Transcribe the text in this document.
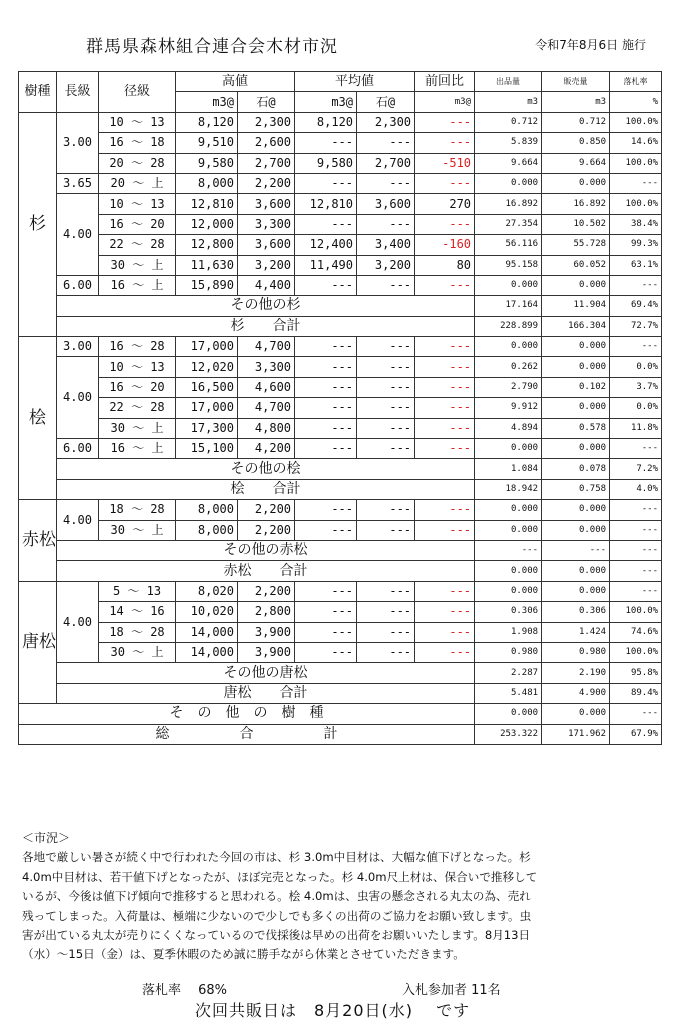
群馬県森林組合連合会木材市況	令和7年8月6日 施行
樹種	長級	径級	高値		平均値		前回比	出品量	販売量	落札率
			m3@	石@	m3@	石@	m3@	m3	m3	%
杉	3.00	10 ～ 13	8,120	2,300	8,120	2,300	---	0.712	0.712	100.0%
		16 ～ 18	9,510	2,600	---	---	---	5.839	0.850	14.6%
		20 ～ 28	9,580	2,700	9,580	2,700	-510	9.664	9.664	100.0%
	3.65	20 ～ 上	8,000	2,200	---	---	---	0.000	0.000	---
	4.00	10 ～ 13	12,810	3,600	12,810	3,600	270	16.892	16.892	100.0%
		16 ～ 20	12,000	3,300	---	---	---	27.354	10.502	38.4%
		22 ～ 28	12,800	3,600	12,400	3,400	-160	56.116	55.728	99.3%
		30 ～ 上	11,630	3,200	11,490	3,200	80	95.158	60.052	63.1%
	6.00	16 ～ 上	15,890	4,400	---	---	---	0.000	0.000	---
	その他の杉							17.164	11.904	69.4%
	杉　　合計							228.899	166.304	72.7%
桧	3.00	16 ～ 28	17,000	4,700	---	---	---	0.000	0.000	---
	4.00	10 ～ 13	12,020	3,300	---	---	---	0.262	0.000	0.0%
		16 ～ 20	16,500	4,600	---	---	---	2.790	0.102	3.7%
		22 ～ 28	17,000	4,700	---	---	---	9.912	0.000	0.0%
		30 ～ 上	17,300	4,800	---	---	---	4.894	0.578	11.8%
	6.00	16 ～ 上	15,100	4,200	---	---	---	0.000	0.000	---
	その他の桧							1.084	0.078	7.2%
	桧　　合計							18.942	0.758	4.0%
赤松	4.00	18 ～ 28	8,000	2,200	---	---	---	0.000	0.000	---
		30 ～ 上	8,000	2,200	---	---	---	0.000	0.000	---
	その他の赤松							---	---	---
	赤松　　合計							0.000	0.000	---
唐松	4.00	5 ～ 13	8,020	2,200	---	---	---	0.000	0.000	---
		14 ～ 16	10,020	2,800	---	---	---	0.306	0.306	100.0%
		18 ～ 28	14,000	3,900	---	---	---	1.908	1.424	74.6%
		30 ～ 上	14,000	3,900	---	---	---	0.980	0.980	100.0%
	その他の唐松							2.287	2.190	95.8%
	唐松　　合計							5.481	4.900	89.4%
そ　の　他　の　樹　種								0.000	0.000	---
総　　　　　合　　　　　計								253.322	171.962	67.9%
＜市況＞
各地で厳しい暑さが続く中で行われた今回の市は、杉 3.0m中目材は、大幅な値下げとなった。杉
4.0m中目材は、若干値下げとなったが、ほぼ完売となった。杉 4.0m尺上材は、保合いで推移して
いるが、今後は値下げ傾向で推移すると思われる。桧 4.0mは、虫害の懸念される丸太の為、売れ
残ってしまった。入荷量は、極端に少ないので少しでも多くの出荷のご協力をお願い致します。虫
害が出ている丸太が売りにくくなっているので伐採後は早めの出荷をお願いいたします。8月13日
（水）～15日（金）は、夏季休暇のため誠に勝手ながら休業とさせていただきます。
落札率　 68%	入札参加者 11名
次回共販日は　8月20日(水)　 です
